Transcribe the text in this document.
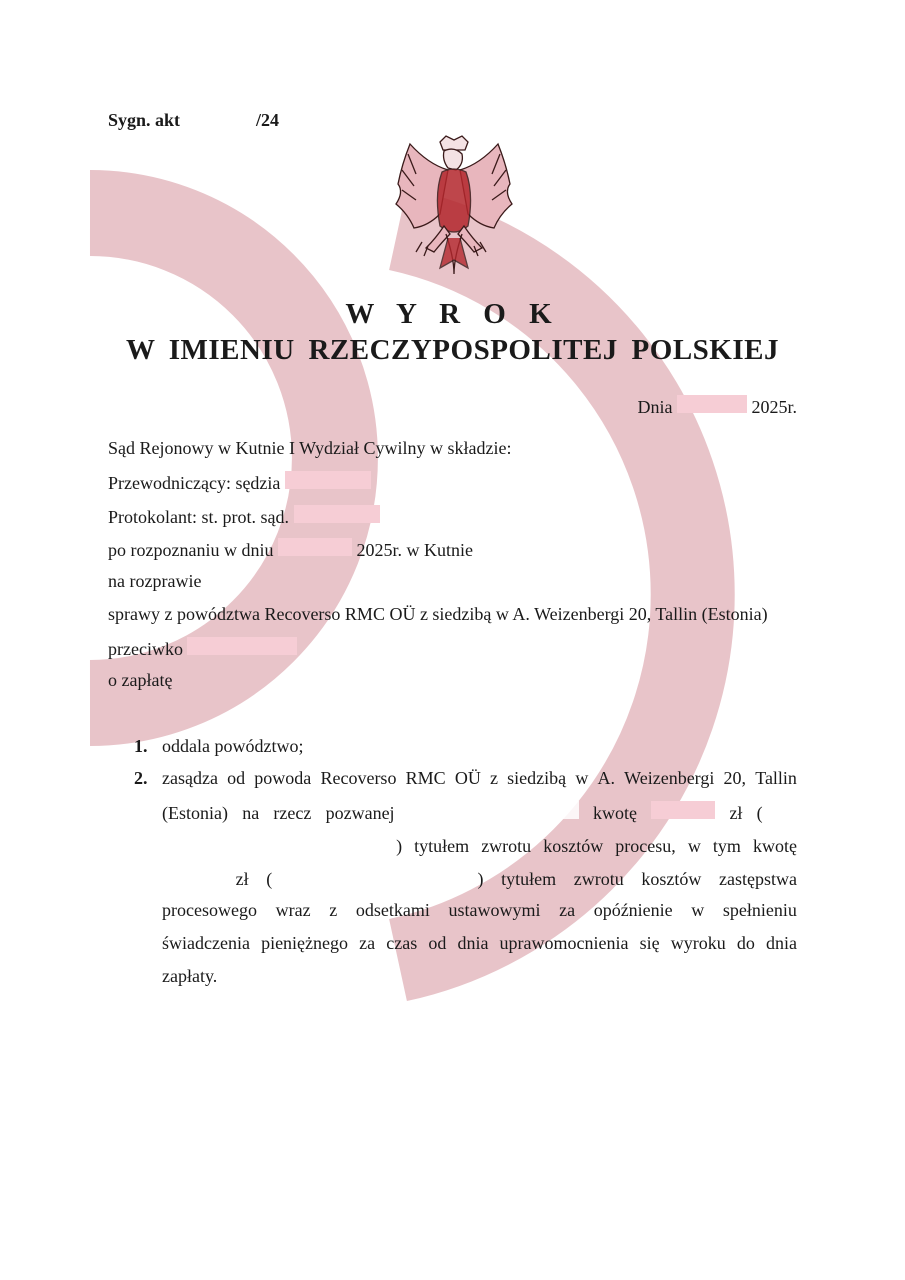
Sygn. akt	/24
W Y R O K
W IMIENIU RZECZYPOSPOLITEJ POLSKIEJ
Dnia	2025r.
Sąd Rejonowy w Kutnie I Wydział Cywilny w składzie:
Przewodniczący: sędzia
Protokolant: st. prot. sąd.
po rozpoznaniu w dniu	2025r. w Kutnie
na rozprawie
sprawy z powództwa Recoverso RMC OÜ z siedzibą w A. Weizenbergi 20, Tallin (Estonia)
przeciwko
o zapłatę
1. oddala powództwo;
2. zasądza od powoda Recoverso RMC OÜ z siedzibą w A. Weizenbergi 20, Tallin
(Estonia) na rzecz pozwanej	kwotę	zł (
) tytułem zwrotu kosztów procesu, w tym kwotę
zł (	) tytułem zwrotu kosztów zastępstwa
procesowego wraz z odsetkami ustawowymi za opóźnienie w spełnieniu
świadczenia pieniężnego za czas od dnia uprawomocnienia się wyroku do dnia
zapłaty.
